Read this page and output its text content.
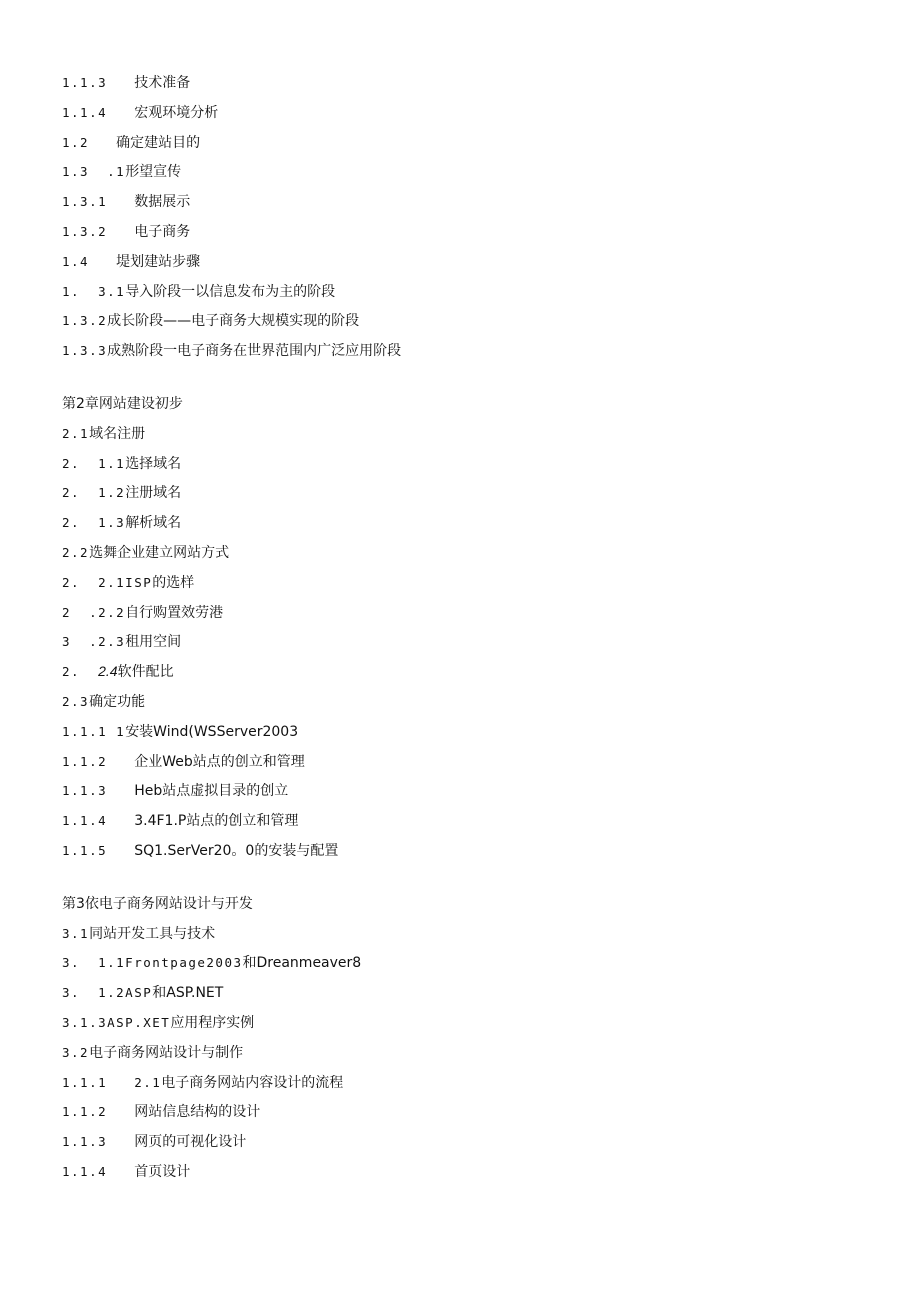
1.1.3   技术准备
1.1.4   宏观环境分析
1.2   确定建站目的
1.3  .1形望宣传
1.3.1   数据展示
1.3.2   电子商务
1.4   堤划建站步骤
1.  3.1导入阶段一以信息发布为主的阶段
1.3.2成长阶段——电子商务大规模实现的阶段
1.3.3成熟阶段一电子商务在世界范围内广泛应用阶段
第2章网站建设初步
2.1域名注册
2.  1.1选择域名
2.  1.2注册域名
2.  1.3解析域名
2.2选舞企业建立网站方式
2.  2.1ISP的选样
2  .2.2自行购置效劳港
3  .2.3租用空间
2.  2.4软件配比
2.3确定功能
1.1.1 1安装Wind(WSServer2003
1.1.2   企业Web站点的创立和管理
1.1.3   Heb站点虚拟目录的创立
1.1.4   3.4F1.P站点的创立和管理
1.1.5   SQ1.SerVer20。0的安装与配置
第3依电子商务网站设计与开发
3.1同站开发工具与技术
3.  1.1Frontpage2003和Dreanmeaver8
3.  1.2ASP和ASP.NET
3.1.3ASP.XET应用程序实例
3.2电子商务网站设计与制作
1.1.1   2.1电子商务网站内容设计的流程
1.1.2   网站信息结构的设计
1.1.3   网页的可视化设计
1.1.4   首页设计
